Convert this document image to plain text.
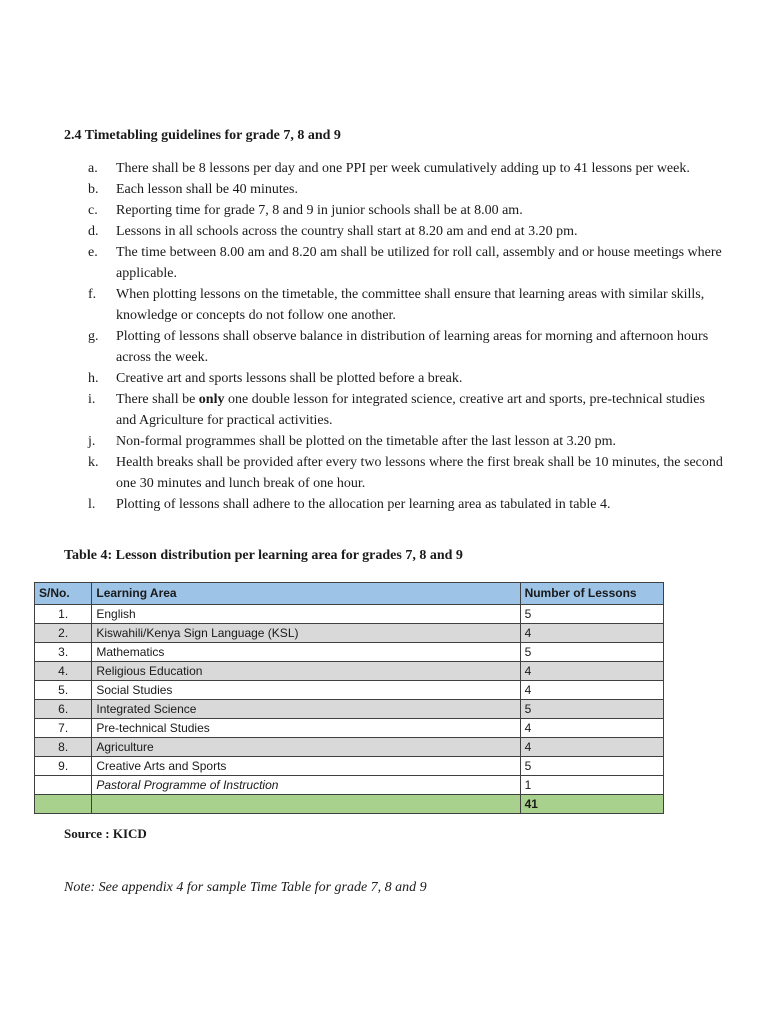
2.4 Timetabling guidelines for grade 7, 8 and 9
a. There shall be 8 lessons per day and one PPI per week cumulatively adding up to 41 lessons per week.
b. Each lesson shall be 40 minutes.
c. Reporting time for grade 7, 8 and 9 in junior schools shall be at 8.00 am.
d. Lessons in all schools across the country shall start at 8.20 am and end at 3.20 pm.
e. The time between 8.00 am and 8.20 am shall be utilized for roll call, assembly and or house meetings where applicable.
f. When plotting lessons on the timetable, the committee shall ensure that learning areas with similar skills, knowledge or concepts do not follow one another.
g. Plotting of lessons shall observe balance in distribution of learning areas for morning and afternoon hours across the week.
h. Creative art and sports lessons shall be plotted before a break.
i. There shall be only one double lesson for integrated science, creative art and sports, pre-technical studies and Agriculture for practical activities.
j. Non-formal programmes shall be plotted on the timetable after the last lesson at 3.20 pm.
k. Health breaks shall be provided after every two lessons where the first break shall be 10 minutes, the second one 30 minutes and lunch break of one hour.
l. Plotting of lessons shall adhere to the allocation per learning area as tabulated in table 4.

Table 4: Lesson distribution per learning area for grades 7, 8 and 9

S/No.	Learning Area	Number of Lessons
1.	English	5
2.	Kiswahili/Kenya Sign Language (KSL)	4
3.	Mathematics	5
4.	Religious Education	4
5.	Social Studies	4
6.	Integrated Science	5
7.	Pre-technical Studies	4
8.	Agriculture	4
9.	Creative Arts and Sports	5
	Pastoral Programme of Instruction	1
		41

Source : KICD

Note: See appendix 4 for sample Time Table for grade 7, 8 and 9
